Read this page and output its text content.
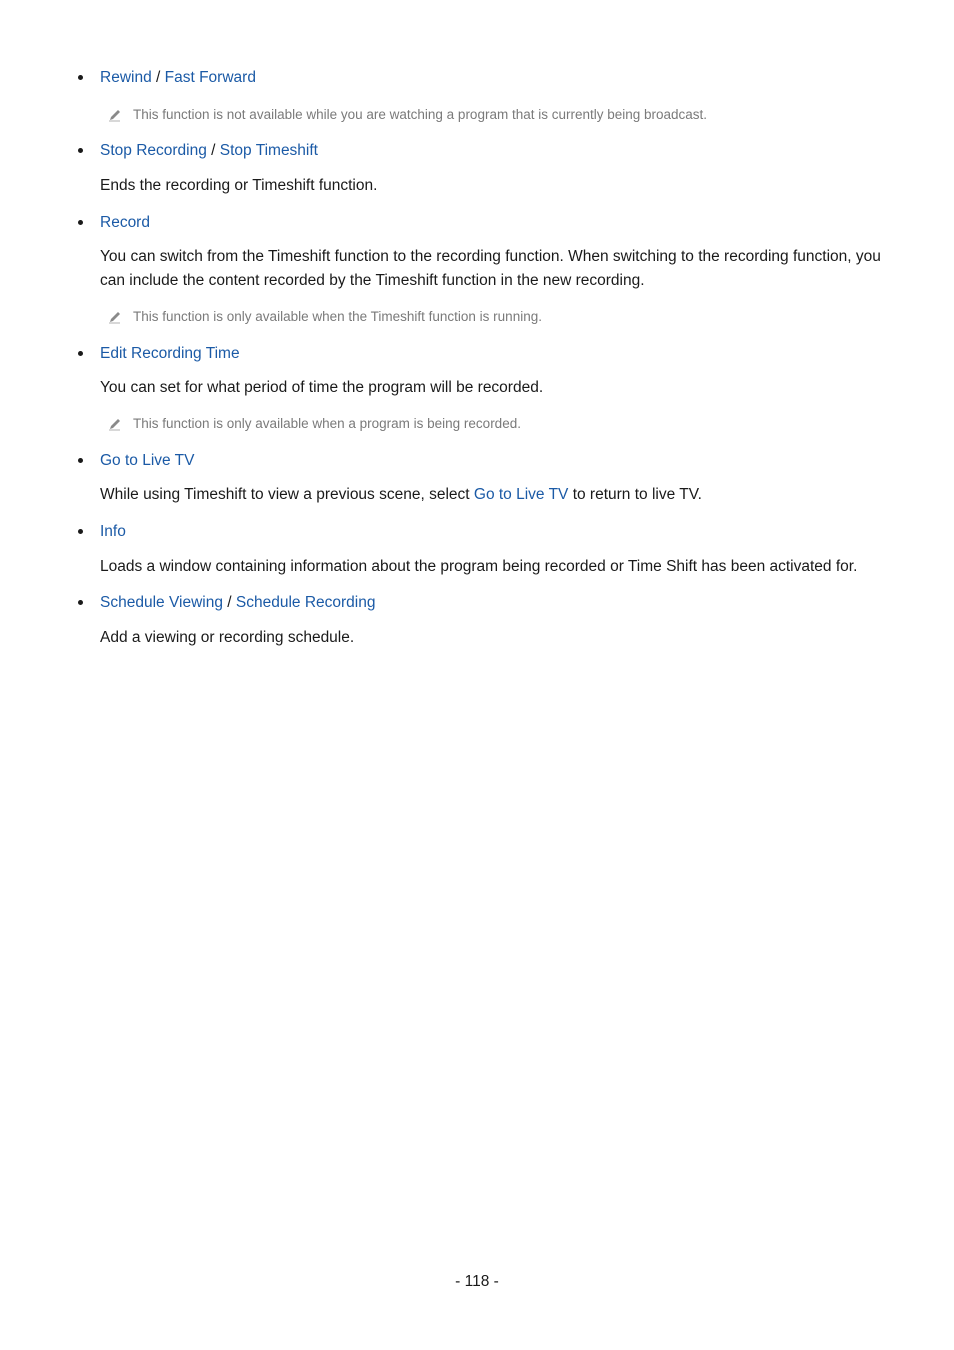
Rewind / Fast Forward
This function is not available while you are watching a program that is currently being broadcast.
Stop Recording / Stop Timeshift
Ends the recording or Timeshift function.
Record
You can switch from the Timeshift function to the recording function. When switching to the recording function, you can include the content recorded by the Timeshift function in the new recording.
This function is only available when the Timeshift function is running.
Edit Recording Time
You can set for what period of time the program will be recorded.
This function is only available when a program is being recorded.
Go to Live TV
While using Timeshift to view a previous scene, select Go to Live TV to return to live TV.
Info
Loads a window containing information about the program being recorded or Time Shift has been activated for.
Schedule Viewing / Schedule Recording
Add a viewing or recording schedule.
- 118 -
